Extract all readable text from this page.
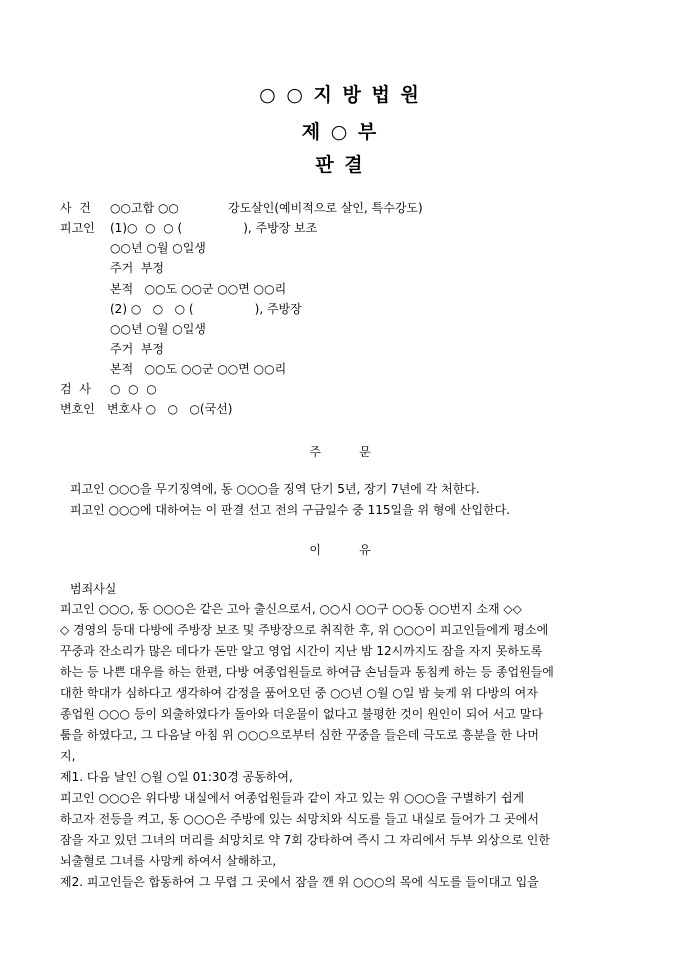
○ ○ 지 방 법 원
제 ○ 부
판 결
사  건 ○○고합 ○○	강도살인(예비적으로 살인, 특수강도)
피고인 (1)○  ○  ○ (                ), 주방장 보조
○○년 ○월 ○일생
주거  부정
본적   ○○도 ○○군 ○○면 ○○리
(2) ○   ○   ○ (                ), 주방장
○○년 ○월 ○일생
주거  부정
본적   ○○도 ○○군 ○○면 ○○리
검  사 ○  ○  ○
변호인 변호사 ○   ○   ○(국선)
주          문
피고인 ○○○을 무기징역에, 동 ○○○을 징역 단기 5년, 장기 7년에 각 처한다.
피고인 ○○○에 대하여는 이 판결 선고 전의 구금일수 중 115일을 위 형에 산입한다.
이          유
범죄사실
피고인 ○○○, 동 ○○○은 같은 고아 출신으로서, ○○시 ○○구 ○○동 ○○번지 소재 ◇◇
◇ 경영의 등대 다방에 주방장 보조 및 주방장으로 취직한 후, 위 ○○○이 피고인들에게 평소에
꾸중과 잔소리가 많은 데다가 돈만 알고 영업 시간이 지난 밤 12시까지도 잠을 자지 못하도록
하는 등 나쁜 대우를 하는 한편, 다방 여종업원들로 하여금 손님들과 동침케 하는 등 종업원들에
대한 학대가 심하다고 생각하여 감정을 품어오던 중 ○○년 ○월 ○일 밤 늦게 위 다방의 여자
종업원 ○○○ 등이 외출하였다가 돌아와 더운물이 없다고 불평한 것이 원인이 되어 서고 말다
툼을 하였다고, 그 다음날 아침 위 ○○○으로부터 심한 꾸중을 들은데 극도로 흥분을 한 나머
지,
제1. 다음 날인 ○월 ○일 01:30경 공동하여,
피고인 ○○○은 위다방 내실에서 여종업원들과 같이 자고 있는 위 ○○○을 구별하기 쉽게
하고자 전등을 켜고, 동 ○○○은 주방에 있는 쇠망치와 식도를 들고 내실로 들어가 그 곳에서
잠을 자고 있던 그녀의 머리를 쇠망치로 약 7회 강타하여 즉시 그 자리에서 두부 외상으로 인한
뇌출혈로 그녀를 사망케 하여서 살해하고,
제2. 피고인들은 합동하여 그 무렵 그 곳에서 잠을 깬 위 ○○○의 목에 식도를 들이대고 입을
